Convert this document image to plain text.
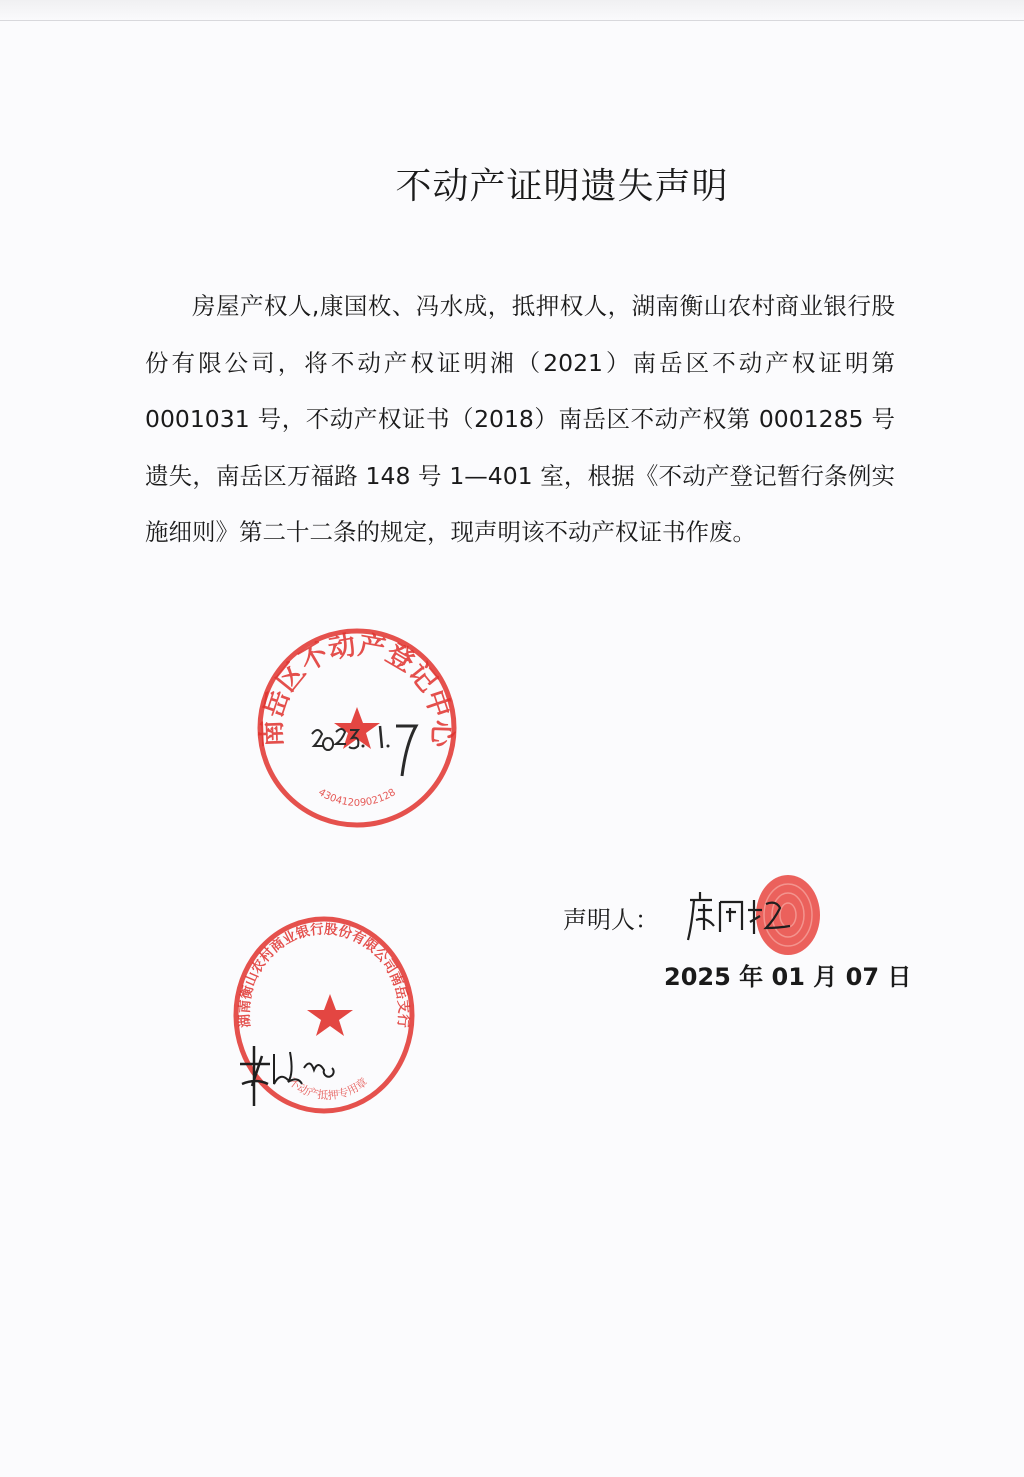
不动产证明遗失声明

房屋产权人,康国枚、冯水成，抵押权人，湖南衡山农村商业银行股份有限公司，将不动产权证明湘（2021）南岳区不动产权证明第 0001031 号，不动产权证书（2018）南岳区不动产权第 0001285 号遗失，南岳区万福路 148 号 1—401 室，根据《不动产登记暂行条例实施细则》第二十二条的规定，现声明该不动产权证书作废。

南岳区不动产登记中心
4304120902128
湖南衡山农村商业银行股份有限公司南岳支行
不动产抵押专用章
声明人：
2025 年 01 月 07 日
